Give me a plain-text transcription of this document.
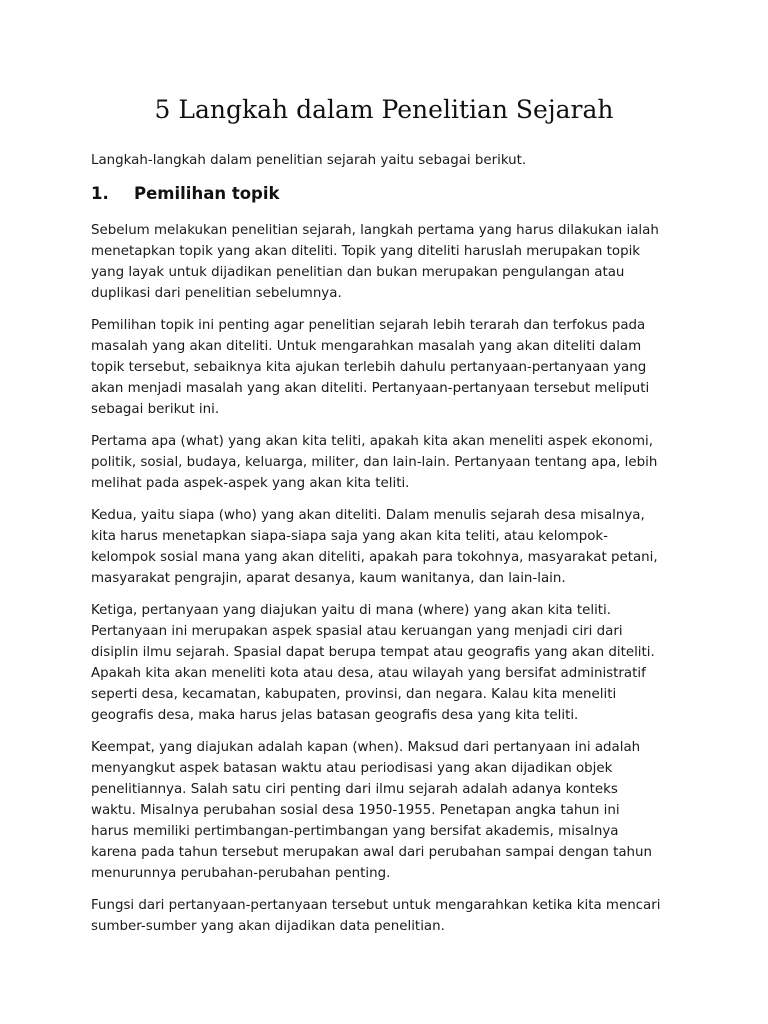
5 Langkah dalam Penelitian Sejarah

Langkah-langkah dalam penelitian sejarah yaitu sebagai berikut.

1.	Pemilihan topik
Sebelum melakukan penelitian sejarah, langkah pertama yang harus dilakukan ialah
menetapkan topik yang akan diteliti. Topik yang diteliti haruslah merupakan topik
yang layak untuk dijadikan penelitian dan bukan merupakan pengulangan atau
duplikasi dari penelitian sebelumnya.
Pemilihan topik ini penting agar penelitian sejarah lebih terarah dan terfokus pada
masalah yang akan diteliti. Untuk mengarahkan masalah yang akan diteliti dalam
topik tersebut, sebaiknya kita ajukan terlebih dahulu pertanyaan-pertanyaan yang
akan menjadi masalah yang akan diteliti. Pertanyaan-pertanyaan tersebut meliputi
sebagai berikut ini.
Pertama apa (what) yang akan kita teliti, apakah kita akan meneliti aspek ekonomi,
politik, sosial, budaya, keluarga, militer, dan lain-lain. Pertanyaan tentang apa, lebih
melihat pada aspek-aspek yang akan kita teliti.
Kedua, yaitu siapa (who) yang akan diteliti. Dalam menulis sejarah desa misalnya,
kita harus menetapkan siapa-siapa saja yang akan kita teliti, atau kelompok-
kelompok sosial mana yang akan diteliti, apakah para tokohnya, masyarakat petani,
masyarakat pengrajin, aparat desanya, kaum wanitanya, dan lain-lain.
Ketiga, pertanyaan yang diajukan yaitu di mana (where) yang akan kita teliti.
Pertanyaan ini merupakan aspek spasial atau keruangan yang menjadi ciri dari
disiplin ilmu sejarah. Spasial dapat berupa tempat atau geografis yang akan diteliti.
Apakah kita akan meneliti kota atau desa, atau wilayah yang bersifat administratif
seperti desa, kecamatan, kabupaten, provinsi, dan negara. Kalau kita meneliti
geografis desa, maka harus jelas batasan geografis desa yang kita teliti.
Keempat, yang diajukan adalah kapan (when). Maksud dari pertanyaan ini adalah
menyangkut aspek batasan waktu atau periodisasi yang akan dijadikan objek
penelitiannya. Salah satu ciri penting dari ilmu sejarah adalah adanya konteks
waktu. Misalnya perubahan sosial desa 1950-1955. Penetapan angka tahun ini
harus memiliki pertimbangan-pertimbangan yang bersifat akademis, misalnya
karena pada tahun tersebut merupakan awal dari perubahan sampai dengan tahun
menurunnya perubahan-perubahan penting.
Fungsi dari pertanyaan-pertanyaan tersebut untuk mengarahkan ketika kita mencari
sumber-sumber yang akan dijadikan data penelitian.
